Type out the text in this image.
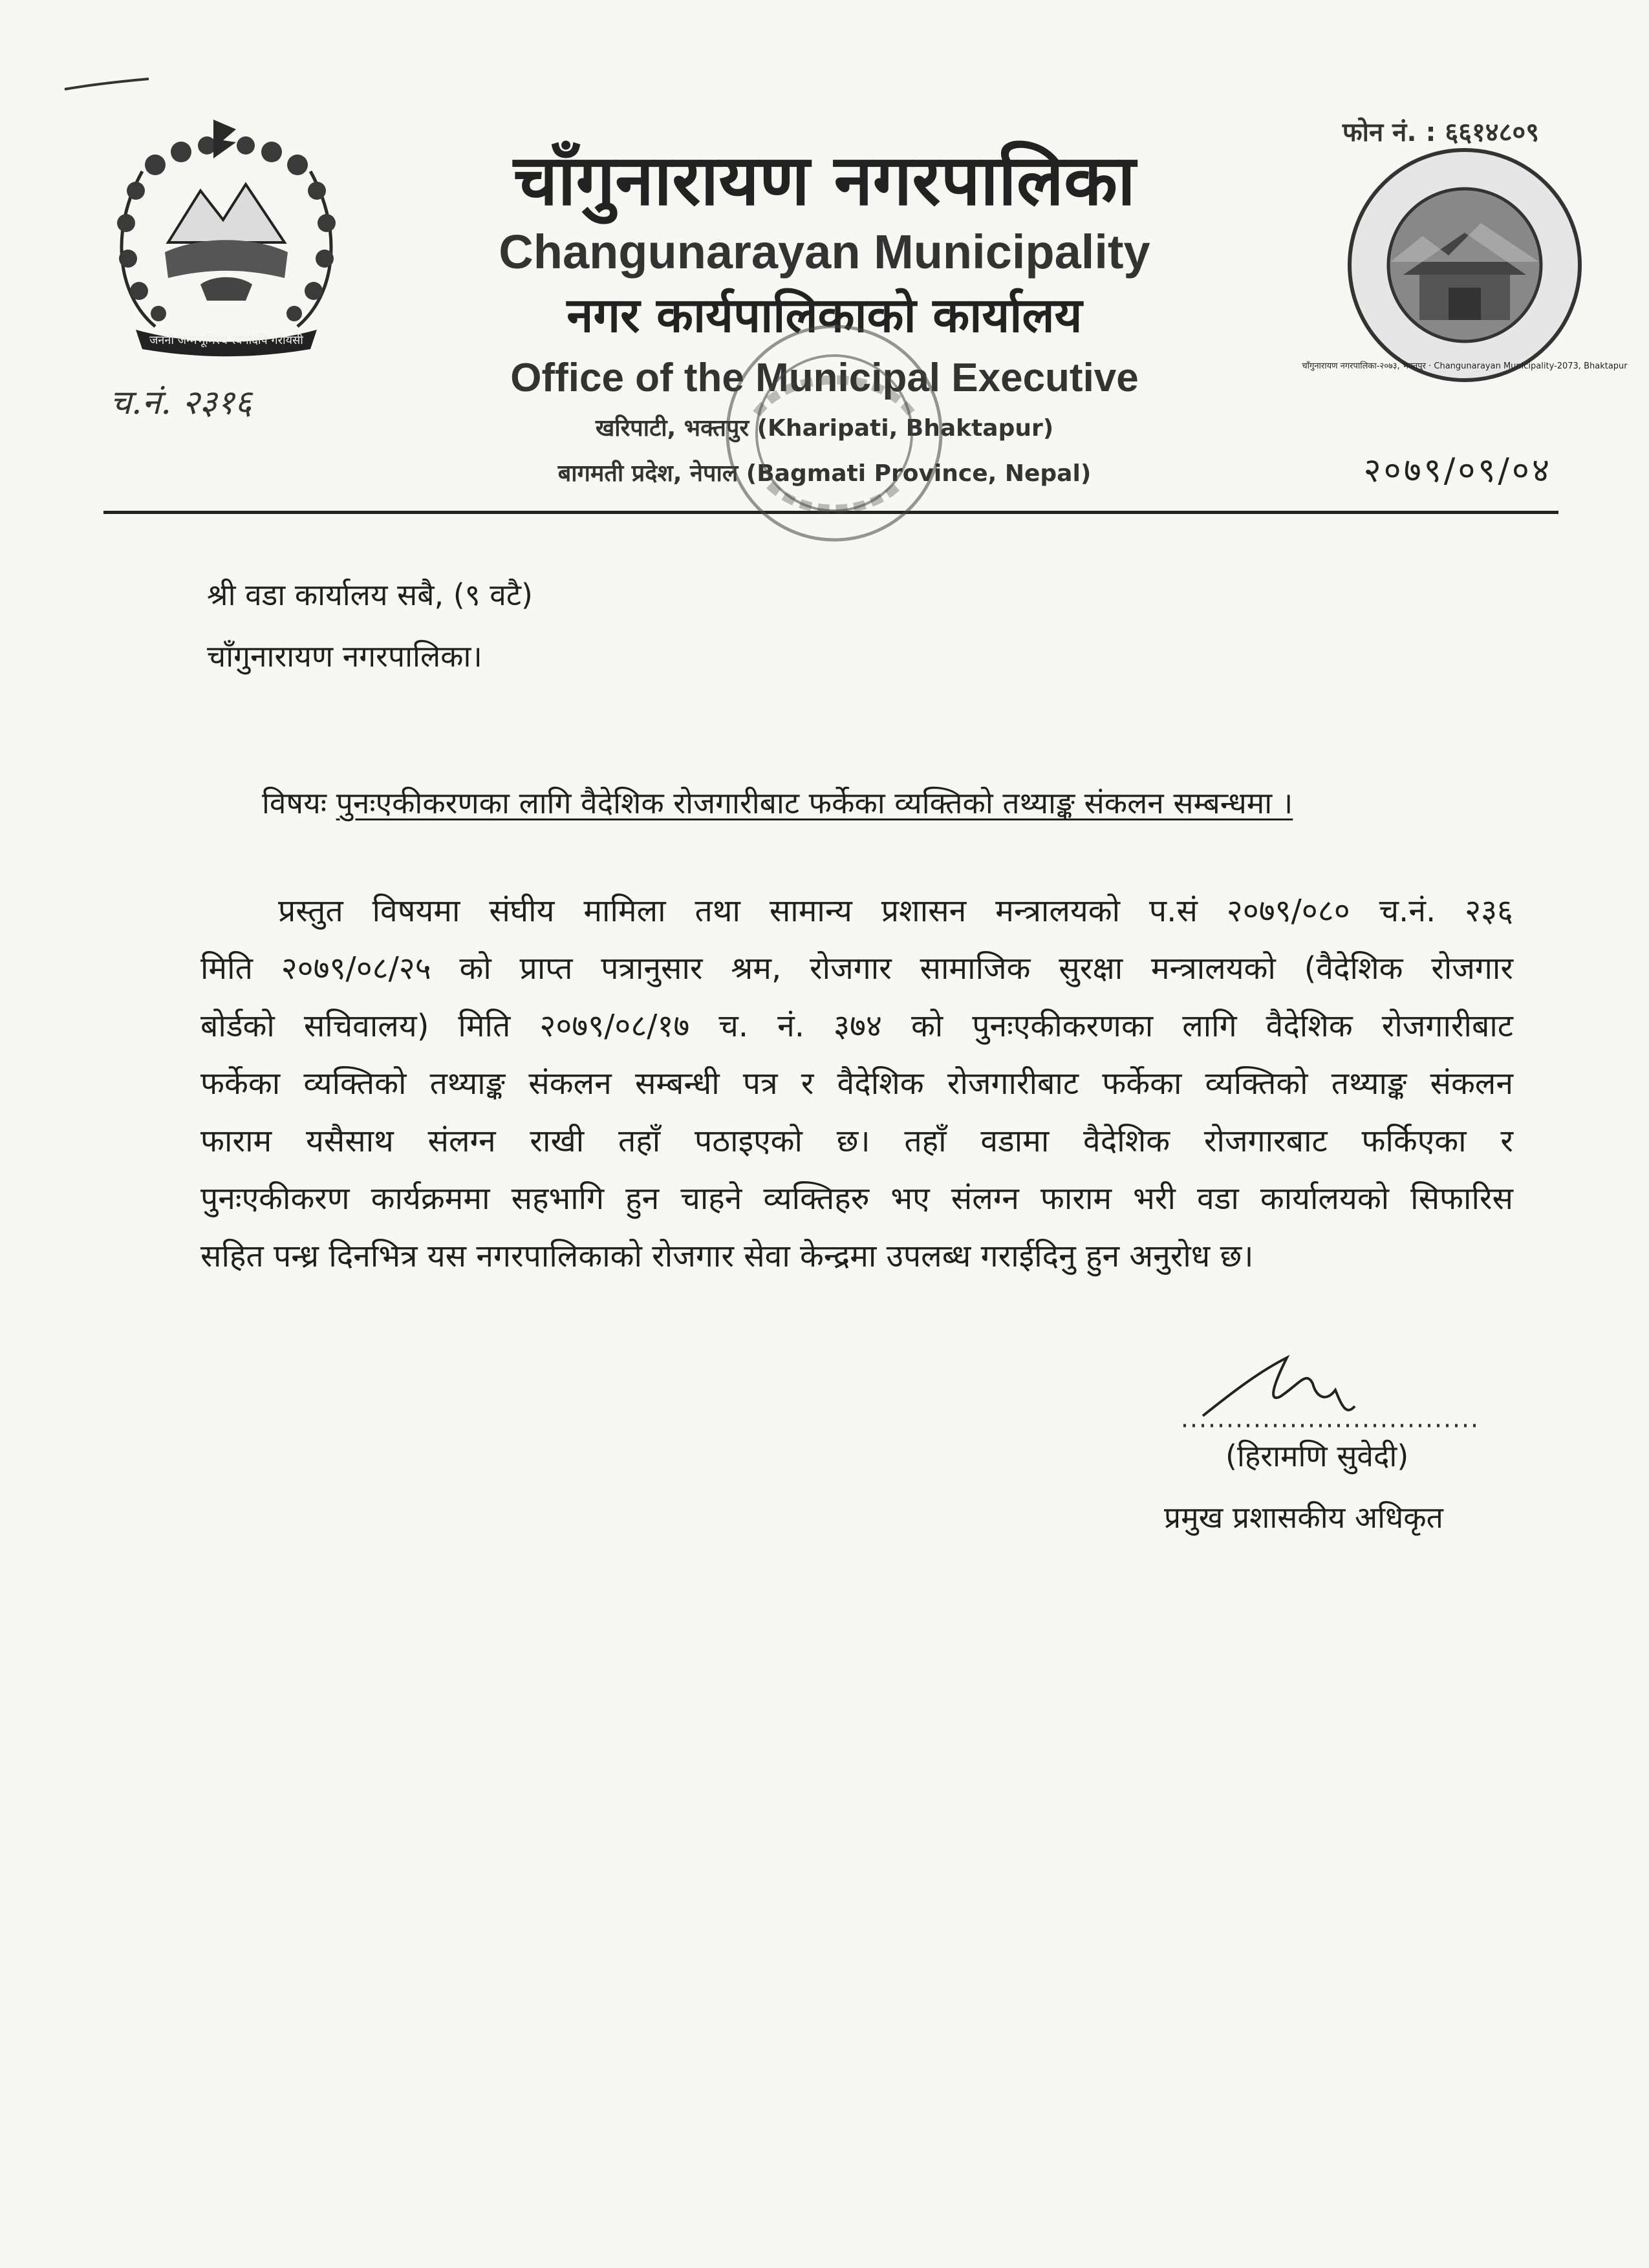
जननी जन्मभूमिश्च स्वर्गादपि गरीयसी
चाँगुनारायण नगरपालिका-२०७३, भक्तपुर · Changunarayan Municipality-2073, Bhaktapur
चाँगुनारायण नगरपालिका
Changunarayan Municipality
नगर कार्यपालिकाको कार्यालय
Office of the Municipal Executive
खरिपाटी, भक्तपुर (Kharipati, Bhaktapur)
बागमती प्रदेश, नेपाल (Bagmati Province, Nepal)
फोन नं. : ६६१४८०९
च.नं. २३१६
२०७९/०९/०४
श्री वडा कार्यालय सबै, (९ वटै)
चाँगुनारायण नगरपालिका।
विषयः पुनःएकीकरणका लागि वैदेशिक रोजगारीबाट फर्केका व्यक्तिको तथ्याङ्क संकलन सम्बन्धमा ।
प्रस्तुत विषयमा संघीय मामिला तथा सामान्य प्रशासन मन्त्रालयको प.सं २०७९/०८० च.नं. २३६
मिति २०७९/०८/२५ को प्राप्त पत्रानुसार श्रम, रोजगार सामाजिक सुरक्षा मन्त्रालयको (वैदेशिक रोजगार
बोर्डको सचिवालय) मिति २०७९/०८/१७ च. नं. ३७४ को पुनःएकीकरणका लागि वैदेशिक रोजगारीबाट
फर्केका व्यक्तिको तथ्याङ्क संकलन सम्बन्धी पत्र र वैदेशिक रोजगारीबाट फर्केका व्यक्तिको तथ्याङ्क संकलन
फाराम यसैसाथ संलग्न राखी तहाँ पठाइएको छ। तहाँ वडामा वैदेशिक रोजगारबाट फर्किएका र
पुनःएकीकरण कार्यक्रममा सहभागि हुन चाहने व्यक्तिहरु भए संलग्न फाराम भरी वडा कार्यालयको सिफारिस
सहित पन्ध्र दिनभित्र यस नगरपालिकाको रोजगार सेवा केन्द्रमा उपलब्ध गराईदिनु हुन अनुरोध छ।
(हिरामणि सुवेदी)
प्रमुख प्रशासकीय अधिकृत
